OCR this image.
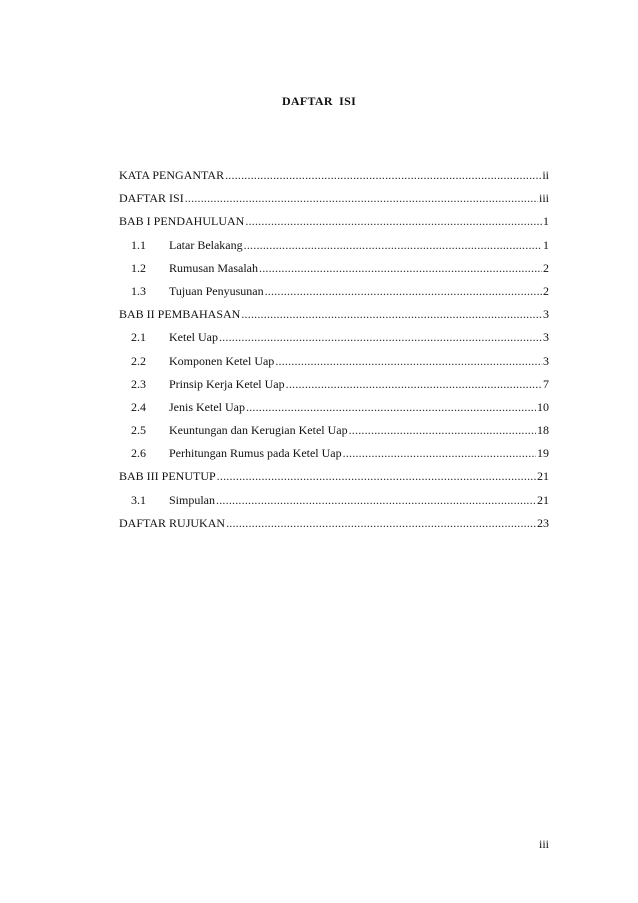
DAFTAR ISI
KATA PENGANTAR .....	ii
DAFTAR ISI .....	iii
BAB I PENDAHULUAN .....	1
1.1	Latar Belakang .....	1
1.2	Rumusan Masalah .....	2
1.3	Tujuan Penyusunan .....	2
BAB II PEMBAHASAN .....	3
2.1	Ketel Uap .....	3
2.2	Komponen Ketel Uap .....	3
2.3	Prinsip Kerja Ketel Uap .....	7
2.4	Jenis Ketel Uap .....	10
2.5	Keuntungan dan Kerugian Ketel Uap .....	18
2.6	Perhitungan Rumus pada Ketel Uap .....	19
BAB III PENUTUP .....	21
3.1	Simpulan .....	21
DAFTAR RUJUKAN .....	23
iii
